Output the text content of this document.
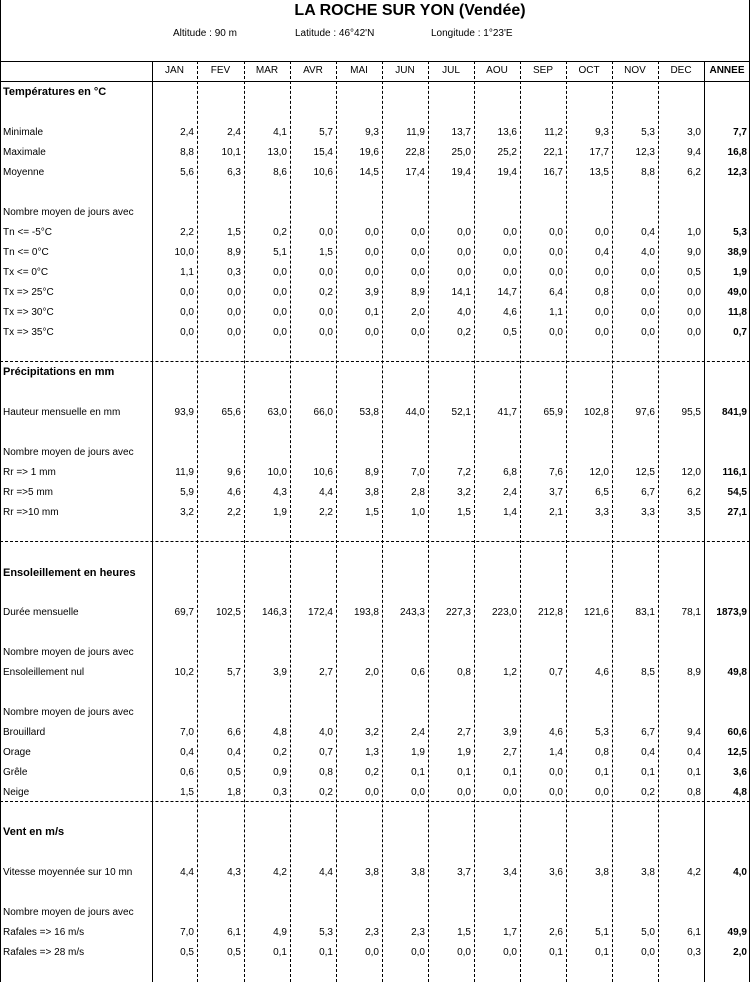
LA ROCHE SUR YON (Vendée)
Altitude : 90 m	Latitude : 46°42'N	Longitude : 1°23'E
JAN	FEV	MAR	AVR	MAI	JUN	JUL	AOU	SEP	OCT	NOV	DEC	ANNEE
Températures en °C
Minimale	2,4	2,4	4,1	5,7	9,3	11,9	13,7	13,6	11,2	9,3	5,3	3,0	7,7
Maximale	8,8	10,1	13,0	15,4	19,6	22,8	25,0	25,2	22,1	17,7	12,3	9,4	16,8
Moyenne	5,6	6,3	8,6	10,6	14,5	17,4	19,4	19,4	16,7	13,5	8,8	6,2	12,3
Nombre moyen de jours avec
Tn <= -5°C	2,2	1,5	0,2	0,0	0,0	0,0	0,0	0,0	0,0	0,0	0,4	1,0	5,3
Tn <= 0°C	10,0	8,9	5,1	1,5	0,0	0,0	0,0	0,0	0,0	0,4	4,0	9,0	38,9
Tx <= 0°C	1,1	0,3	0,0	0,0	0,0	0,0	0,0	0,0	0,0	0,0	0,0	0,5	1,9
Tx => 25°C	0,0	0,0	0,0	0,2	3,9	8,9	14,1	14,7	6,4	0,8	0,0	0,0	49,0
Tx => 30°C	0,0	0,0	0,0	0,0	0,1	2,0	4,0	4,6	1,1	0,0	0,0	0,0	11,8
Tx => 35°C	0,0	0,0	0,0	0,0	0,0	0,0	0,2	0,5	0,0	0,0	0,0	0,0	0,7
Précipitations en mm
Hauteur mensuelle en mm	93,9	65,6	63,0	66,0	53,8	44,0	52,1	41,7	65,9	102,8	97,6	95,5	841,9
Nombre moyen de jours avec
Rr => 1 mm	11,9	9,6	10,0	10,6	8,9	7,0	7,2	6,8	7,6	12,0	12,5	12,0	116,1
Rr =>5 mm	5,9	4,6	4,3	4,4	3,8	2,8	3,2	2,4	3,7	6,5	6,7	6,2	54,5
Rr =>10 mm	3,2	2,2	1,9	2,2	1,5	1,0	1,5	1,4	2,1	3,3	3,3	3,5	27,1
Ensoleillement en heures
Durée mensuelle	69,7	102,5	146,3	172,4	193,8	243,3	227,3	223,0	212,8	121,6	83,1	78,1	1873,9
Nombre moyen de jours avec
Ensoleillement nul	10,2	5,7	3,9	2,7	2,0	0,6	0,8	1,2	0,7	4,6	8,5	8,9	49,8
Nombre moyen de jours avec
Brouillard	7,0	6,6	4,8	4,0	3,2	2,4	2,7	3,9	4,6	5,3	6,7	9,4	60,6
Orage	0,4	0,4	0,2	0,7	1,3	1,9	1,9	2,7	1,4	0,8	0,4	0,4	12,5
Grêle	0,6	0,5	0,9	0,8	0,2	0,1	0,1	0,1	0,0	0,1	0,1	0,1	3,6
Neige	1,5	1,8	0,3	0,2	0,0	0,0	0,0	0,0	0,0	0,0	0,2	0,8	4,8
Vent en m/s
Vitesse moyennée sur 10 mn	4,4	4,3	4,2	4,4	3,8	3,8	3,7	3,4	3,6	3,8	3,8	4,2	4,0
Nombre moyen de jours avec
Rafales => 16 m/s	7,0	6,1	4,9	5,3	2,3	2,3	1,5	1,7	2,6	5,1	5,0	6,1	49,9
Rafales => 28 m/s	0,5	0,5	0,1	0,1	0,0	0,0	0,0	0,0	0,1	0,1	0,0	0,3	2,0
